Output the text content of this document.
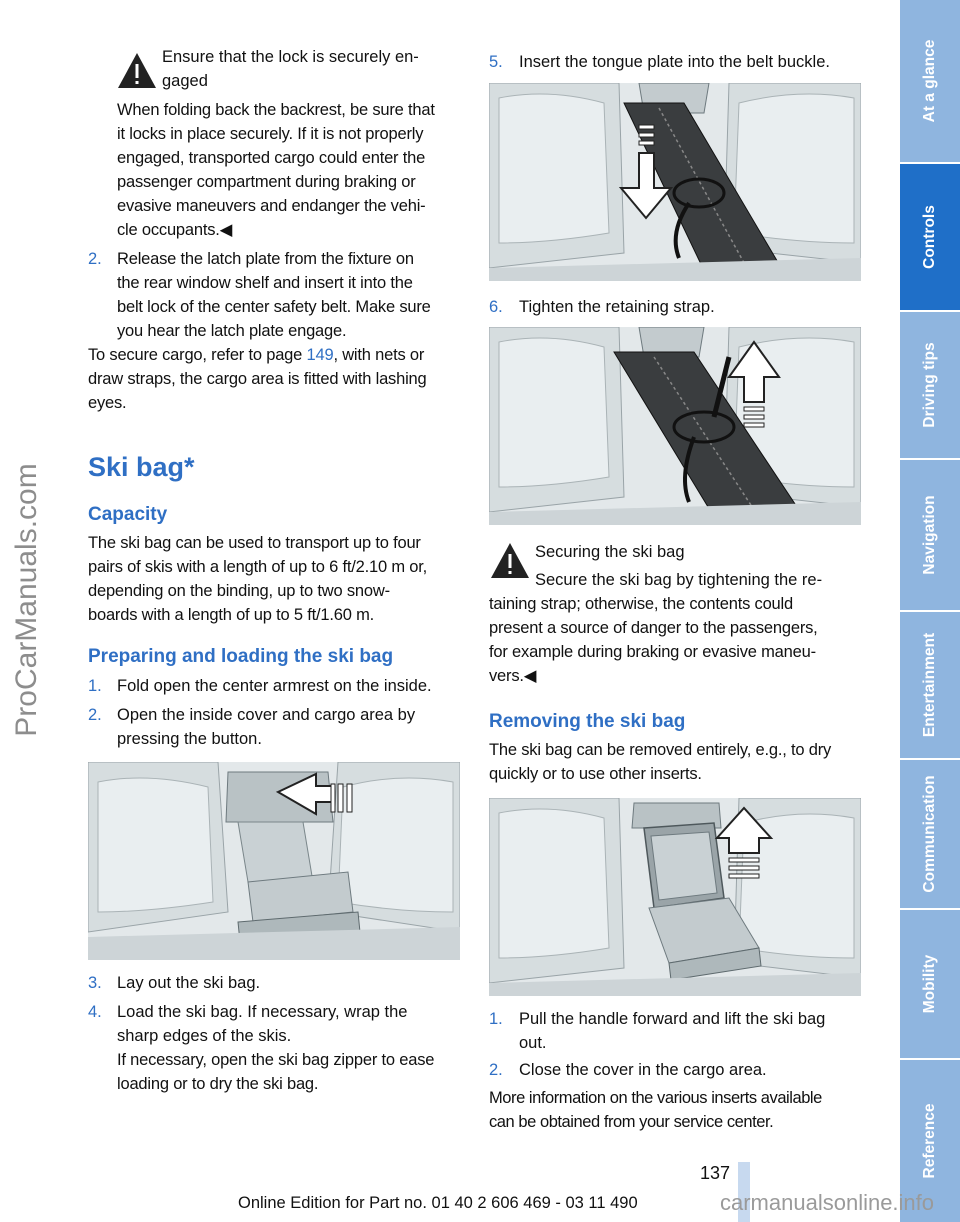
ProCarManuals.com
Ensure that the lock is securely en‐
gaged
When folding back the backrest, be sure that
it locks in place securely. If it is not properly
engaged, transported cargo could enter the
passenger compartment during braking or
evasive maneuvers and endanger the vehi‐
cle occupants.◀
2. Release the latch plate from the fixture on
the rear window shelf and insert it into the
belt lock of the center safety belt. Make sure
you hear the latch plate engage.
To secure cargo, refer to page 149, with nets or
draw straps, the cargo area is fitted with lashing
eyes.
Ski bag*
Capacity
The ski bag can be used to transport up to four
pairs of skis with a length of up to 6 ft/2.10 m or,
depending on the binding, up to two snow‐
boards with a length of up to 5 ft/1.60 m.
Preparing and loading the ski bag
1. Fold open the center armrest on the inside.
2. Open the inside cover and cargo area by
pressing the button.
3. Lay out the ski bag.
4. Load the ski bag. If necessary, wrap the
sharp edges of the skis.
If necessary, open the ski bag zipper to ease
loading or to dry the ski bag.
5. Insert the tongue plate into the belt buckle.
6. Tighten the retaining strap.
Securing the ski bag
Secure the ski bag by tightening the re‐
taining strap; otherwise, the contents could
present a source of danger to the passengers,
for example during braking or evasive maneu‐
vers.◀
Removing the ski bag
The ski bag can be removed entirely, e.g., to dry
quickly or to use other inserts.
1. Pull the handle forward and lift the ski bag
out.
2. Close the cover in the cargo area.
More information on the various inserts available
can be obtained from your service center.
At a glance
Controls
Driving tips
Navigation
Entertainment
Communication
Mobility
Reference
137
Online Edition for Part no. 01 40 2 606 469 - 03 11 490	carmanualsonline.info
